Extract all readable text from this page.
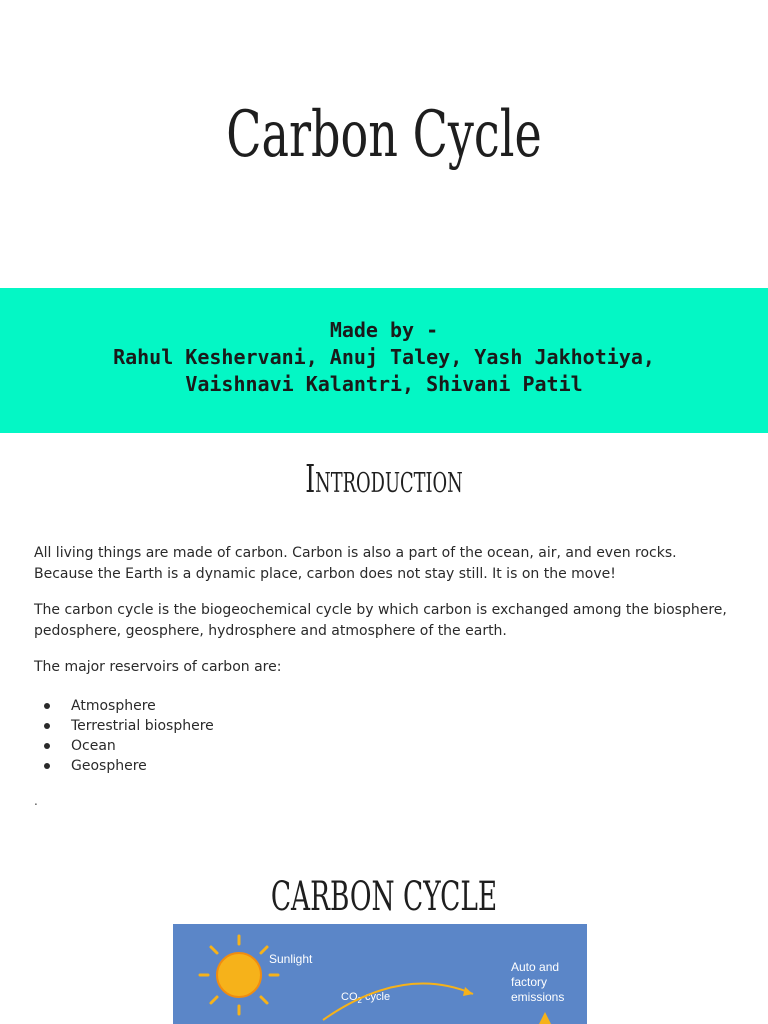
Carbon Cycle
Made by -
Rahul Keshervani, Anuj Taley, Yash Jakhotiya,
Vaishnavi Kalantri, Shivani Patil
Introduction
All living things are made of carbon. Carbon is also a part of the ocean, air, and even rocks. Because the Earth is a dynamic place, carbon does not stay still. It is on the move!
The carbon cycle is the biogeochemical cycle by which carbon is exchanged among the biosphere, pedosphere, geosphere, hydrosphere and atmosphere of the earth.
The major reservoirs of carbon are:
Atmosphere
Terrestrial biosphere
Ocean
Geosphere
.
CARBON CYCLE
Sunlight
$CO_2$ cycle
Auto and
factory
emissions
